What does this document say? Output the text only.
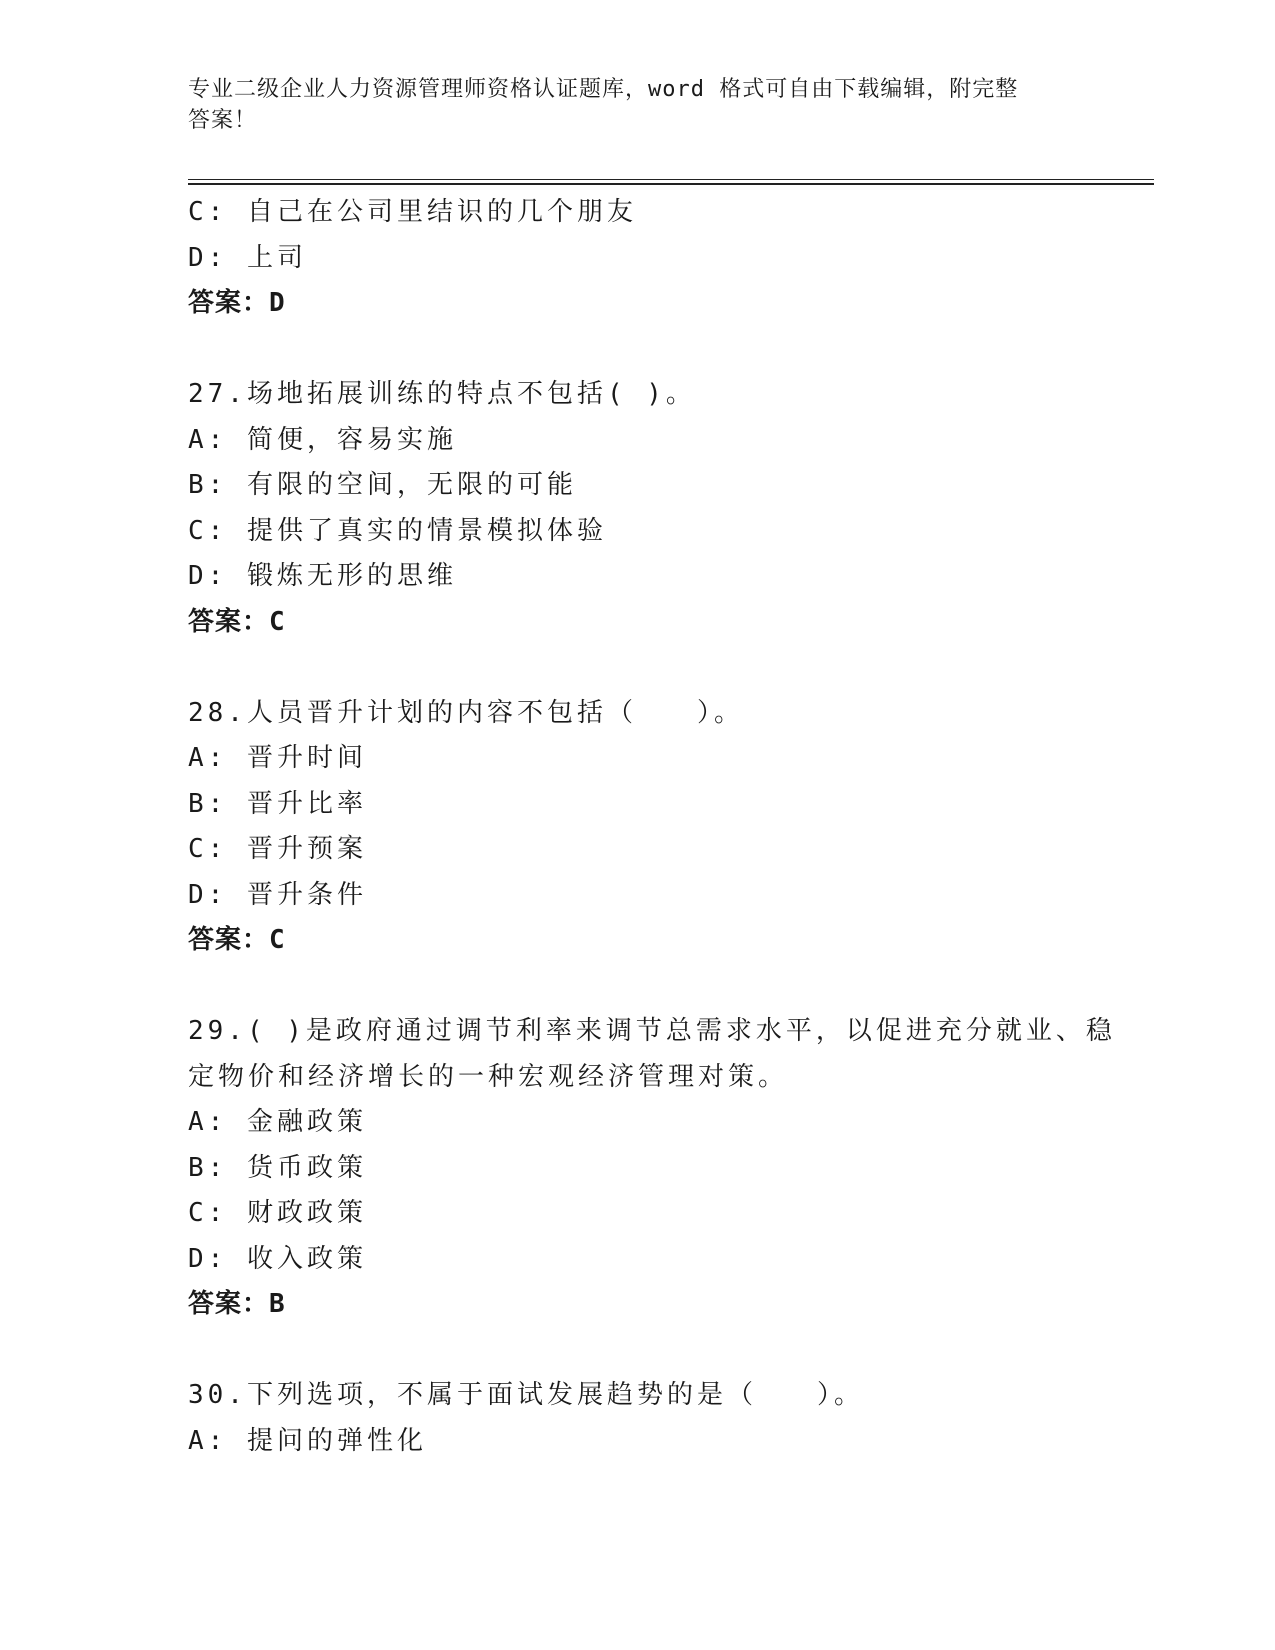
专业二级企业人力资源管理师资格认证题库，word 格式可自由下载编辑，附完整
答案！
C: 自己在公司里结识的几个朋友
D: 上司
答案：D
27.场地拓展训练的特点不包括( )。
A: 简便，容易实施
B: 有限的空间，无限的可能
C: 提供了真实的情景模拟体验
D: 锻炼无形的思维
答案：C
28.人员晋升计划的内容不包括（　　）。
A: 晋升时间
B: 晋升比率
C: 晋升预案
D: 晋升条件
答案：C
29.( )是政府通过调节利率来调节总需求水平，以促进充分就业、稳
定物价和经济增长的一种宏观经济管理对策。
A: 金融政策
B: 货币政策
C: 财政政策
D: 收入政策
答案：B
30.下列选项，不属于面试发展趋势的是（　　）。
A: 提问的弹性化
